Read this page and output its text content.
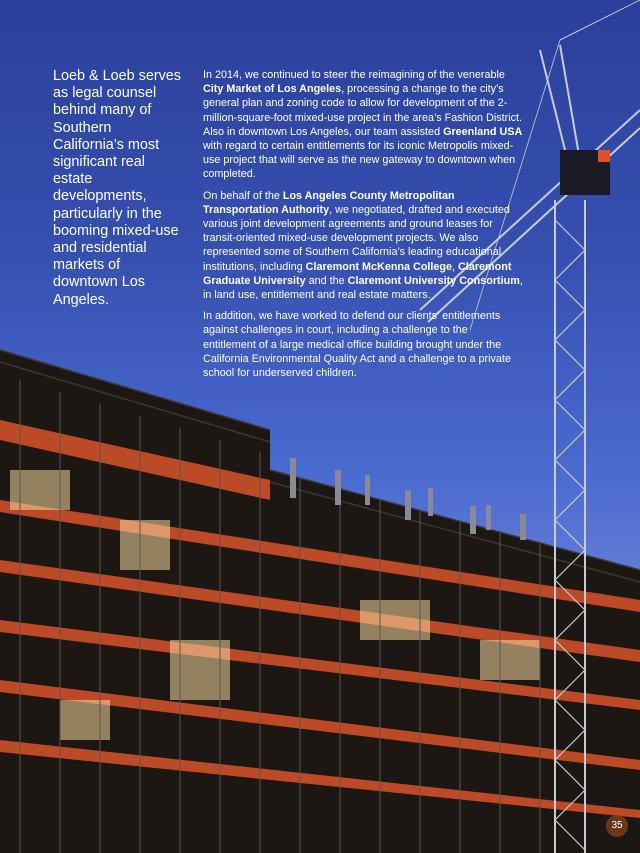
Loeb & Loeb serves as legal counsel behind many of Southern California’s most significant real estate developments, particularly in the booming mixed-use and residential markets of downtown Los Angeles.

In 2014, we continued to steer the reimagining of the venerable City Market of Los Angeles, processing a change to the city’s general plan and zoning code to allow for development of the 2-million-square-foot mixed-use project in the area’s Fashion District. Also in downtown Los Angeles, our team assisted Greenland USA with regard to certain entitlements for its iconic Metropolis mixed-use project that will serve as the new gateway to downtown when completed.

On behalf of the Los Angeles County Metropolitan Transportation Authority, we negotiated, drafted and executed various joint development agreements and ground leases for transit-oriented mixed-use development projects. We also represented some of Southern California’s leading educational institutions, including Claremont McKenna College, Claremont Graduate University and the Claremont University Consortium, in land use, entitlement and real estate matters.

In addition, we have worked to defend our clients’ entitlements against challenges in court, including a challenge to the entitlement of a large medical office building brought under the California Environmental Quality Act and a challenge to a private school for underserved children.

35
